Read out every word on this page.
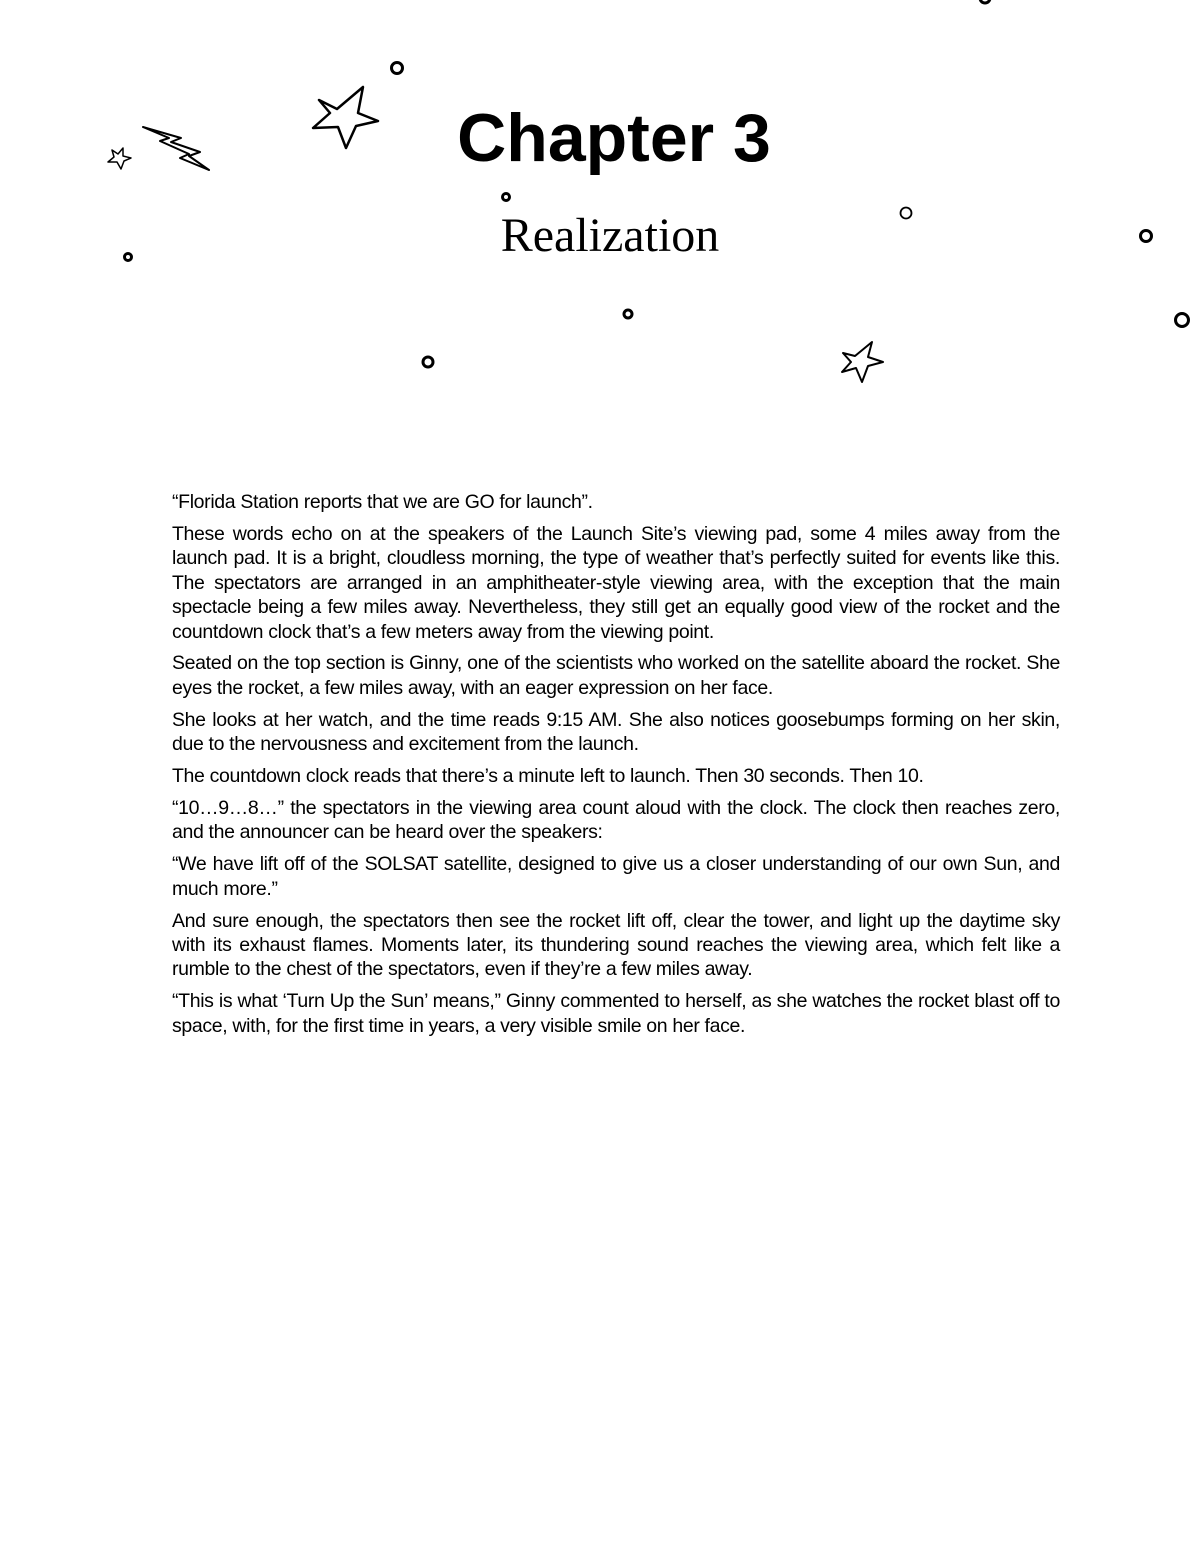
Chapter 3
Realization

“Florida Station reports that we are GO for launch”.

These words echo on at the speakers of the Launch Site’s viewing pad, some 4 miles away from the launch pad. It is a bright, cloudless morning, the type of weather that’s perfectly suited for events like this. The spectators are arranged in an amphitheater-style viewing area, with the exception that the main spectacle being a few miles away. Nevertheless, they still get an equally good view of the rocket and the countdown clock that’s a few meters away from the viewing point.

Seated on the top section is Ginny, one of the scientists who worked on the satellite aboard the rocket. She eyes the rocket, a few miles away, with an eager expression on her face.

She looks at her watch, and the time reads 9:15 AM. She also notices goosebumps forming on her skin, due to the nervousness and excitement from the launch.

The countdown clock reads that there’s a minute left to launch. Then 30 seconds. Then 10.

“10…9…8…” the spectators in the viewing area count aloud with the clock. The clock then reaches zero, and the announcer can be heard over the speakers:

“We have lift off of the SOLSAT satellite, designed to give us a closer understanding of our own Sun, and much more.”

And sure enough, the spectators then see the rocket lift off, clear the tower, and light up the daytime sky with its exhaust flames. Moments later, its thundering sound reaches the viewing area, which felt like a rumble to the chest of the spectators, even if they’re a few miles away.

“This is what ‘Turn Up the Sun’ means,” Ginny commented to herself, as she watches the rocket blast off to space, with, for the first time in years, a very visible smile on her face.
